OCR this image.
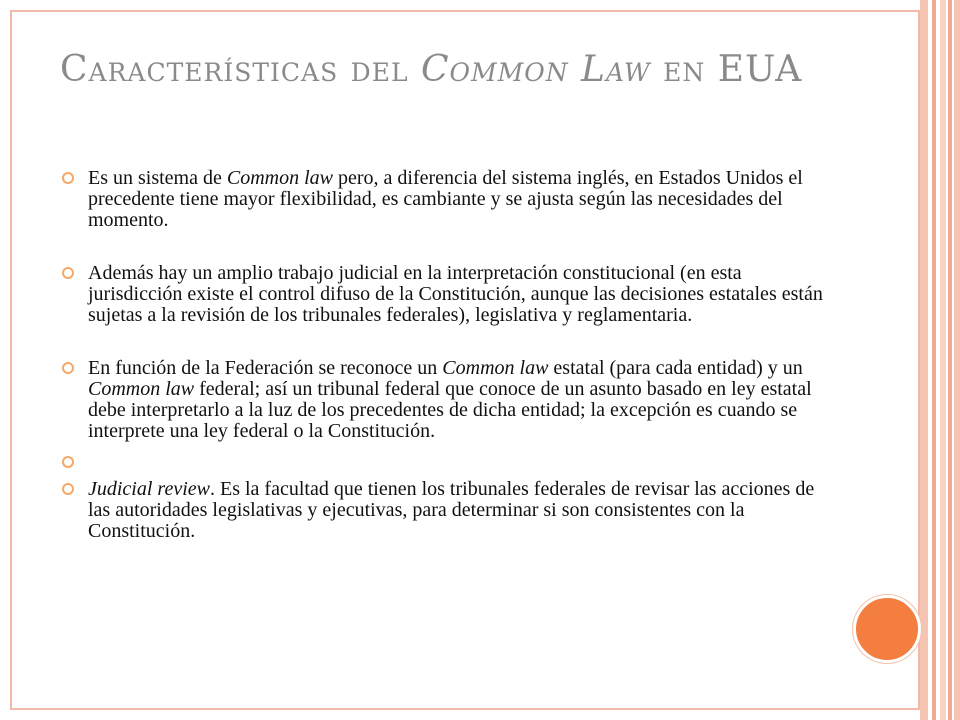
Características del Common Law en EUA
Es un sistema de Common law pero, a diferencia del sistema inglés, en Estados Unidos el precedente tiene mayor flexibilidad, es cambiante y se ajusta según las necesidades del momento.
Además hay un amplio trabajo judicial en la interpretación constitucional (en esta jurisdicción existe el control difuso de la Constitución, aunque las decisiones estatales están sujetas a la revisión de los tribunales federales), legislativa y reglamentaria.
En función de la Federación se reconoce un Common law estatal (para cada entidad) y un Common law federal; así un tribunal federal que conoce de un asunto basado en ley estatal debe interpretarlo a la luz de los precedentes de dicha entidad; la excepción es cuando se interprete una ley federal o la Constitución.
Judicial review. Es la facultad que tienen los tribunales federales de revisar las acciones de las autoridades legislativas y ejecutivas, para determinar si son consistentes con la Constitución.
